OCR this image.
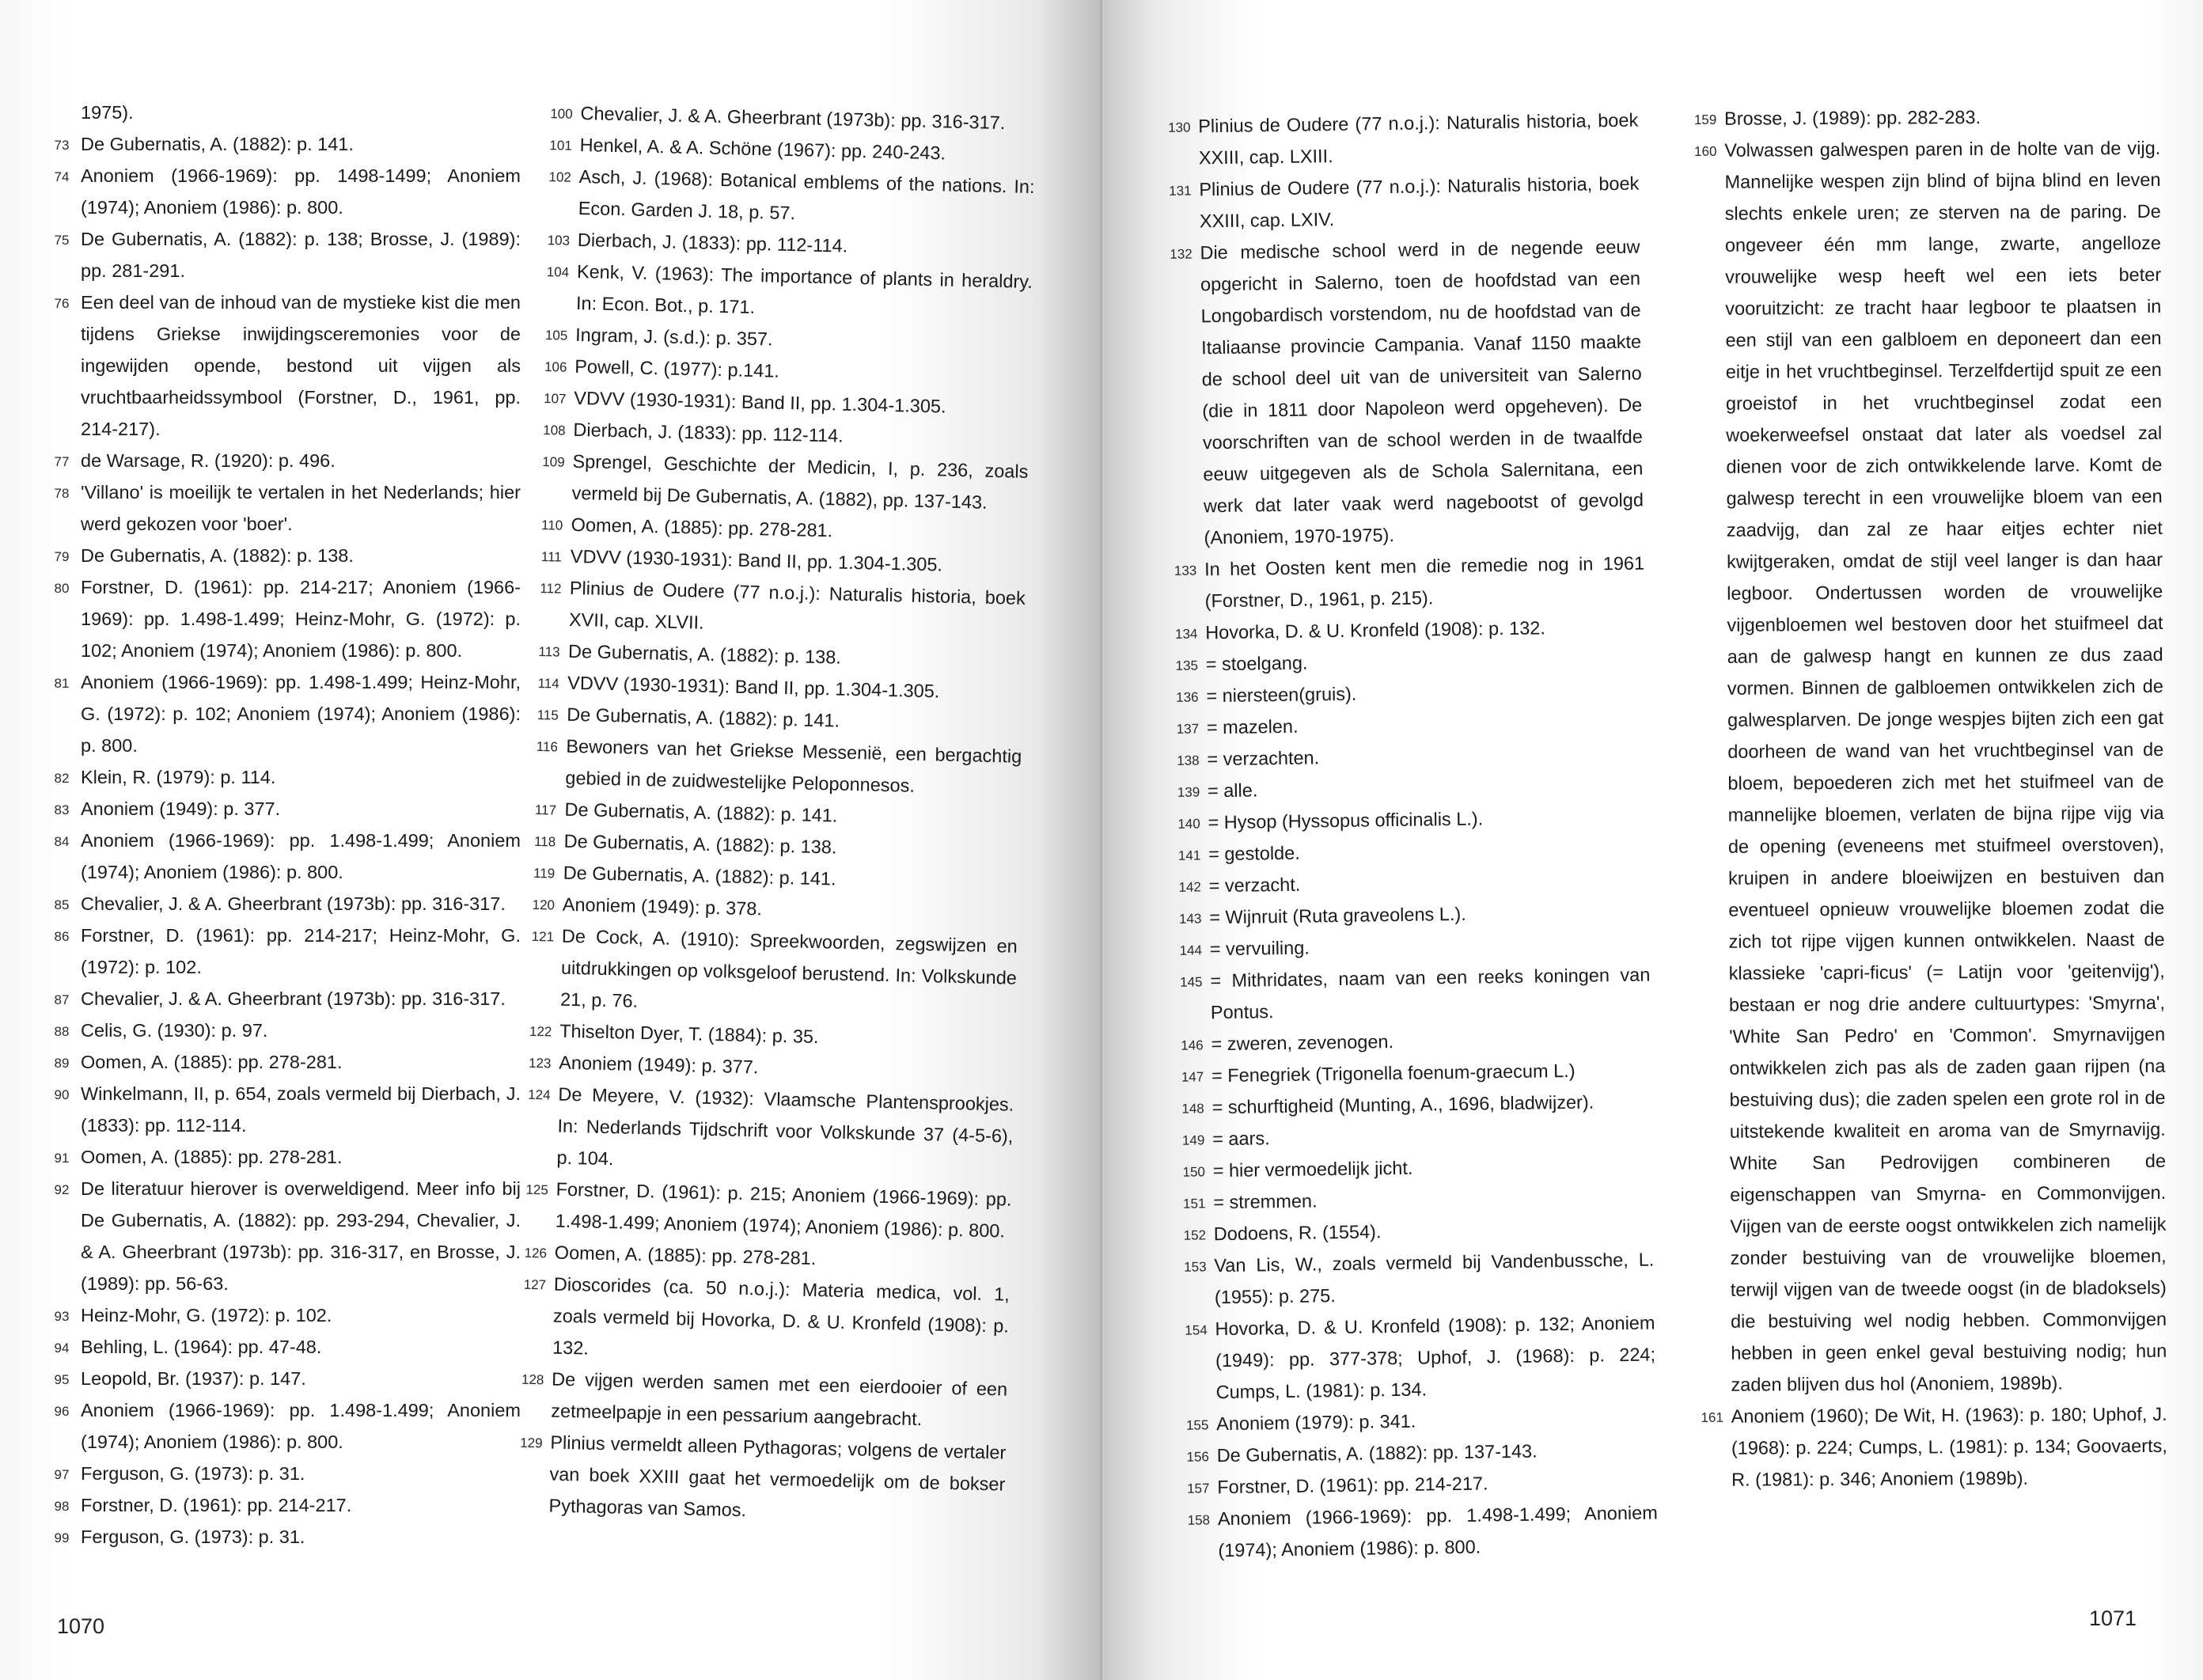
1975).

73 De Gubernatis, A. (1882): p. 141.

74 Anoniem (1966-1969): pp. 1498-1499; Anoniem (1974); Anoniem (1986): p. 800.

75 De Gubernatis, A. (1882): p. 138; Brosse, J. (1989): pp. 281-291.

76 Een deel van de inhoud van de mystieke kist die men tijdens Griekse inwijdingsceremonies voor de ingewijden opende, bestond uit vijgen als vruchtbaarheidssymbool (Forstner, D., 1961, pp. 214-217).

77 de Warsage, R. (1920): p. 496.

78 'Villano' is moeilijk te vertalen in het Nederlands; hier werd gekozen voor 'boer'.

79 De Gubernatis, A. (1882): p. 138.

80 Forstner, D. (1961): pp. 214-217; Anoniem (1966-1969): pp. 1.498-1.499; Heinz-Mohr, G. (1972): p. 102; Anoniem (1974); Anoniem (1986): p. 800.

81 Anoniem (1966-1969): pp. 1.498-1.499; Heinz-Mohr, G. (1972): p. 102; Anoniem (1974); Anoniem (1986): p. 800.

82 Klein, R. (1979): p. 114.

83 Anoniem (1949): p. 377.

84 Anoniem (1966-1969): pp. 1.498-1.499; Anoniem (1974); Anoniem (1986): p. 800.

85 Chevalier, J. & A. Gheerbrant (1973b): pp. 316-317.

86 Forstner, D. (1961): pp. 214-217; Heinz-Mohr, G. (1972): p. 102.

87 Chevalier, J. & A. Gheerbrant (1973b): pp. 316-317.

88 Celis, G. (1930): p. 97.

89 Oomen, A. (1885): pp. 278-281.

90 Winkelmann, II, p. 654, zoals vermeld bij Dierbach, J. (1833): pp. 112-114.

91 Oomen, A. (1885): pp. 278-281.

92 De literatuur hierover is overweldigend. Meer info bij De Gubernatis, A. (1882): pp. 293-294, Chevalier, J. & A. Gheerbrant (1973b): pp. 316-317, en Brosse, J. (1989): pp. 56-63.

93 Heinz-Mohr, G. (1972): p. 102.

94 Behling, L. (1964): pp. 47-48.

95 Leopold, Br. (1937): p. 147.

96 Anoniem (1966-1969): pp. 1.498-1.499; Anoniem (1974); Anoniem (1986): p. 800.

97 Ferguson, G. (1973): p. 31.

98 Forstner, D. (1961): pp. 214-217.

99 Ferguson, G. (1973): p. 31.

100 Chevalier, J. & A. Gheerbrant (1973b): pp. 316-317.

101 Henkel, A. & A. Schöne (1967): pp. 240-243.

102 Asch, J. (1968): Botanical emblems of the nations. In: Econ. Garden J. 18, p. 57.

103 Dierbach, J. (1833): pp. 112-114.

104 Kenk, V. (1963): The importance of plants in heraldry. In: Econ. Bot., p. 171.

105 Ingram, J. (s.d.): p. 357.

106 Powell, C. (1977): p.141.

107 VDVV (1930-1931): Band II, pp. 1.304-1.305.

108 Dierbach, J. (1833): pp. 112-114.

109 Sprengel, Geschichte der Medicin, I, p. 236, zoals vermeld bij De Gubernatis, A. (1882), pp. 137-143.

110 Oomen, A. (1885): pp. 278-281.

111 VDVV (1930-1931): Band II, pp. 1.304-1.305.

112 Plinius de Oudere (77 n.o.j.): Naturalis historia, boek XVII, cap. XLVII.

113 De Gubernatis, A. (1882): p. 138.

114 VDVV (1930-1931): Band II, pp. 1.304-1.305.

115 De Gubernatis, A. (1882): p. 141.

116 Bewoners van het Griekse Messenië, een bergachtig gebied in de zuidwestelijke Peloponnesos.

117 De Gubernatis, A. (1882): p. 141.

118 De Gubernatis, A. (1882): p. 138.

119 De Gubernatis, A. (1882): p. 141.

120 Anoniem (1949): p. 378.

121 De Cock, A. (1910): Spreekwoorden, zegswijzen en uitdrukkingen op volksgeloof berustend. In: Volkskunde 21, p. 76.

122 Thiselton Dyer, T. (1884): p. 35.

123 Anoniem (1949): p. 377.

124 De Meyere, V. (1932): Vlaamsche Plantensprookjes. In: Nederlands Tijdschrift voor Volkskunde 37 (4-5-6), p. 104.

125 Forstner, D. (1961): p. 215; Anoniem (1966-1969): pp. 1.498-1.499; Anoniem (1974); Anoniem (1986): p. 800.

126 Oomen, A. (1885): pp. 278-281.

127 Dioscorides (ca. 50 n.o.j.): Materia medica, vol. 1, zoals vermeld bij Hovorka, D. & U. Kronfeld (1908): p. 132.

128 De vijgen werden samen met een eierdooier of een zetmeelpapje in een pessarium aangebracht.

129 Plinius vermeldt alleen Pythagoras; volgens de vertaler van boek XXIII gaat het vermoedelijk om de bokser Pythagoras van Samos.

130 Plinius de Oudere (77 n.o.j.): Naturalis historia, boek XXIII, cap. LXIII.

131 Plinius de Oudere (77 n.o.j.): Naturalis historia, boek XXIII, cap. LXIV.

132 Die medische school werd in de negende eeuw opgericht in Salerno, toen de hoofdstad van een Longobardisch vorstendom, nu de hoofdstad van de Italiaanse provincie Campania. Vanaf 1150 maakte de school deel uit van de universiteit van Salerno (die in 1811 door Napoleon werd opgeheven). De voorschriften van de school werden in de twaalfde eeuw uitgegeven als de Schola Salernitana, een werk dat later vaak werd nagebootst of gevolgd (Anoniem, 1970-1975).

133 In het Oosten kent men die remedie nog in 1961 (Forstner, D., 1961, p. 215).

134 Hovorka, D. & U. Kronfeld (1908): p. 132.

135 = stoelgang.

136 = niersteen(gruis).

137 = mazelen.

138 = verzachten.

139 = alle.

140 = Hysop (Hyssopus officinalis L.).

141 = gestolde.

142 = verzacht.

143 = Wijnruit (Ruta graveolens L.).

144 = vervuiling.

145 = Mithridates, naam van een reeks koningen van Pontus.

146 = zweren, zevenogen.

147 = Fenegriek (Trigonella foenum-graecum L.)

148 = schurftigheid (Munting, A., 1696, bladwijzer).

149 = aars.

150 = hier vermoedelijk jicht.

151 = stremmen.

152 Dodoens, R. (1554).

153 Van Lis, W., zoals vermeld bij Vandenbussche, L. (1955): p. 275.

154 Hovorka, D. & U. Kronfeld (1908): p. 132; Anoniem (1949): pp. 377-378; Uphof, J. (1968): p. 224; Cumps, L. (1981): p. 134.

155 Anoniem (1979): p. 341.

156 De Gubernatis, A. (1882): pp. 137-143.

157 Forstner, D. (1961): pp. 214-217.

158 Anoniem (1966-1969): pp. 1.498-1.499; Anoniem (1974); Anoniem (1986): p. 800.

159 Brosse, J. (1989): pp. 282-283.

160 Volwassen galwespen paren in de holte van de vijg. Mannelijke wespen zijn blind of bijna blind en leven slechts enkele uren; ze sterven na de paring. De ongeveer één mm lange, zwarte, angelloze vrouwelijke wesp heeft wel een iets beter vooruitzicht: ze tracht haar legboor te plaatsen in een stijl van een galbloem en deponeert dan een eitje in het vruchtbeginsel. Terzelfdertijd spuit ze een groeistof in het vruchtbeginsel zodat een woekerweefsel onstaat dat later als voedsel zal dienen voor de zich ontwikkelende larve. Komt de galwesp terecht in een vrouwelijke bloem van een zaadvijg, dan zal ze haar eitjes echter niet kwijtgeraken, omdat de stijl veel langer is dan haar legboor. Ondertussen worden de vrouwelijke vijgenbloemen wel bestoven door het stuifmeel dat aan de galwesp hangt en kunnen ze dus zaad vormen. Binnen de galbloemen ontwikkelen zich de galwesplarven. De jonge wespjes bijten zich een gat doorheen de wand van het vruchtbeginsel van de bloem, bepoederen zich met het stuifmeel van de mannelijke bloemen, verlaten de bijna rijpe vijg via de opening (eveneens met stuifmeel overstoven), kruipen in andere bloeiwijzen en bestuiven dan eventueel opnieuw vrouwelijke bloemen zodat die zich tot rijpe vijgen kunnen ontwikkelen. Naast de klassieke 'capri-ficus' (= Latijn voor 'geitenvijg'), bestaan er nog drie andere cultuurtypes: 'Smyrna', 'White San Pedro' en 'Common'. Smyrnavijgen ontwikkelen zich pas als de zaden gaan rijpen (na bestuiving dus); die zaden spelen een grote rol in de uitstekende kwaliteit en aroma van de Smyrnavijg. White San Pedrovijgen combineren de eigenschappen van Smyrna- en Commonvijgen. Vijgen van de eerste oogst ontwikkelen zich namelijk zonder bestuiving van de vrouwelijke bloemen, terwijl vijgen van de tweede oogst (in de bladoksels) die bestuiving wel nodig hebben. Commonvijgen hebben in geen enkel geval bestuiving nodig; hun zaden blijven dus hol (Anoniem, 1989b).

161 Anoniem (1960); De Wit, H. (1963): p. 180; Uphof, J. (1968): p. 224; Cumps, L. (1981): p. 134; Goovaerts, R. (1981): p. 346; Anoniem (1989b).

1070	1071
